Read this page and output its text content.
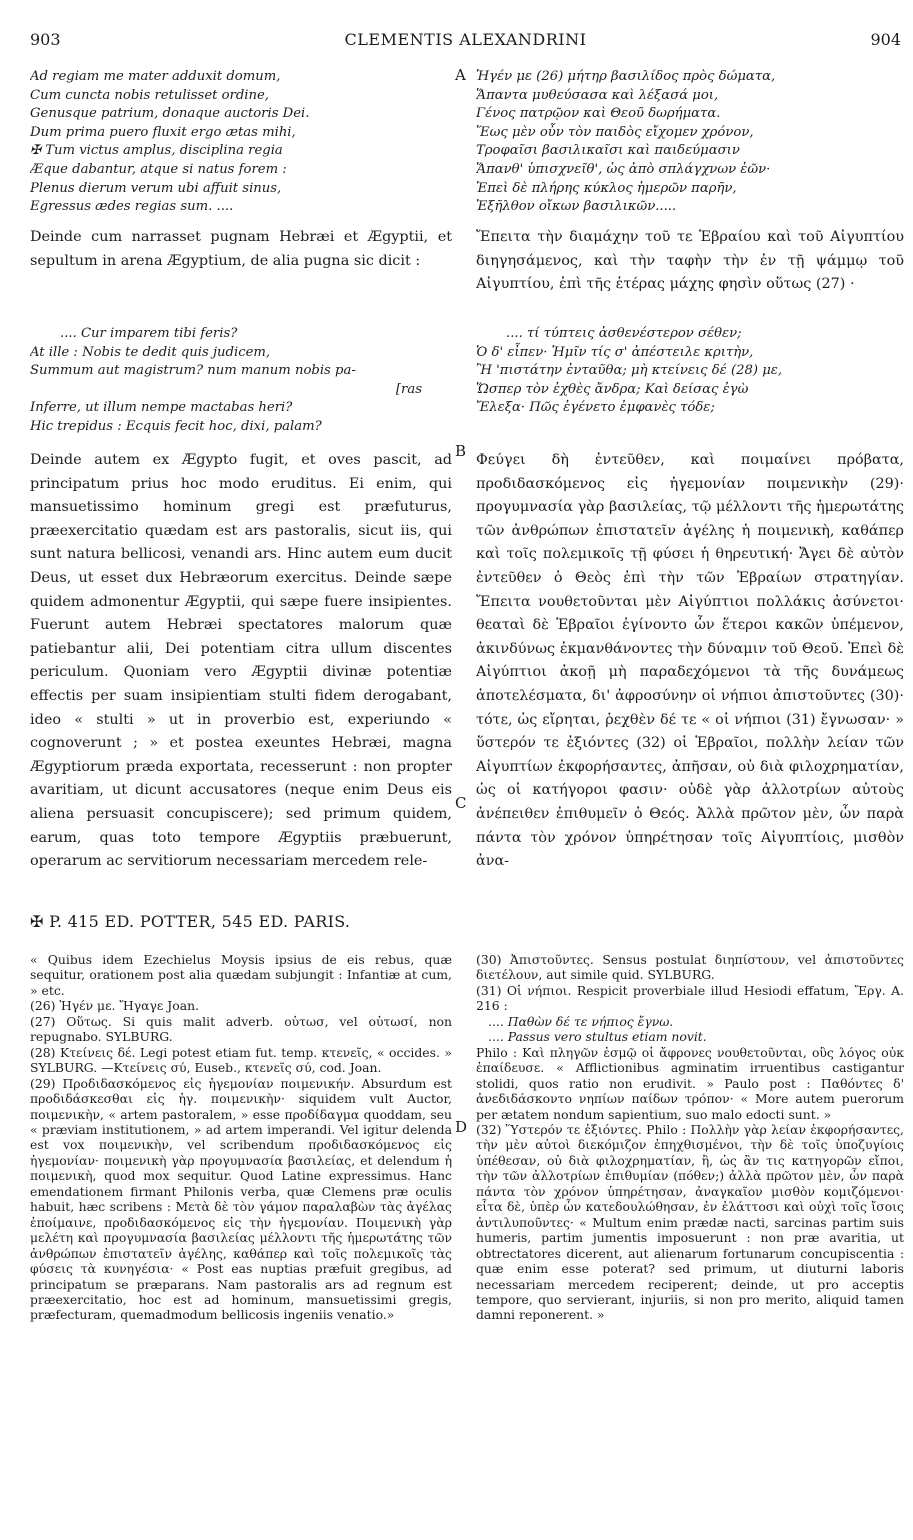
903	CLEMENTIS ALEXANDRINI	904
A
B
C
D
Ad regiam me mater adduxit domum,
Cum cuncta nobis retulisset ordine,
Genusque patrium, donaque auctoris Dei.
Dum prima puero fluxit ergo ætas mihi,
✠ Tum victus amplus, disciplina regia
Æque dabantur, atque si natus forem :
Plenus dierum verum ubi affuit sinus,
Egressus ædes regias sum. ....
Ἠγέν με (26) μήτηρ βασιλίδος πρὸς δώματα,
Ἅπαντα μυθεύσασα καὶ λέξασά μοι,
Γένος πατρῷον καὶ Θεοῦ δωρήματα.
Ἕως μὲν οὖν τὸν παιδὸς εἴχομεν χρόνον,
Τροφαῖσι βασιλικαῖσι καὶ παιδεύμασιν
Ἅπανθ' ὑπισχνεῖθ', ὡς ἀπὸ σπλάγχνων ἐῶν·
Ἐπεὶ δὲ πλήρης κύκλος ἡμερῶν παρῆν,
Ἐξῆλθον οἴκων βασιλικῶν.....

Deinde cum narrasset pugnam Hebræi et Ægyptii, et sepultum in arena Ægyptium, de alia pugna sic dicit :

Ἔπειτα τὴν διαμάχην τοῦ τε Ἑβραίου καὶ τοῦ Αἰγυπτίου διηγησάμενος, καὶ τὴν ταφὴν τὴν ἐν τῇ ψάμμῳ τοῦ Αἰγυπτίου, ἐπὶ τῆς ἑτέρας μάχης φησὶν οὕτως (27) ·

.... Cur imparem tibi feris?
At ille : Nobis te dedit quis judicem,
Summum aut magistrum? num manum nobis pa-
[ras
Inferre, ut illum nempe mactabas heri?
Hic trepidus : Ecquis fecit hoc, dixi, palam?
.... τί τύπτεις ἀσθενέστερον σέθεν;
Ὁ δ' εἶπεν· Ἡμῖν τίς σ' ἀπέστειλε κριτὴν,
Ἢ 'πιστάτην ἐνταῦθα; μὴ κτείνεις δέ (28) με,
Ὥσπερ τὸν ἐχθὲς ἄνδρα; Καὶ δείσας ἐγὼ
Ἔλεξα· Πῶς ἐγένετο ἐμφανὲς τόδε;

Deinde autem ex Ægypto fugit, et oves pascit, ad principatum prius hoc modo eruditus. Ei enim, qui mansuetissimo hominum gregi est præfuturus, præexercitatio quædam est ars pastoralis, sicut iis, qui sunt natura bellicosi, venandi ars. Hinc autem eum ducit Deus, ut esset dux Hebræorum exercitus. Deinde sæpe quidem admonentur Ægyptii, qui sæpe fuere insipientes. Fuerunt autem Hebræi spectatores malorum quæ patiebantur alii, Dei potentiam citra ullum discentes periculum. Quoniam vero Ægyptii divinæ potentiæ effectis per suam insipientiam stulti fidem derogabant, ideo « stulti » ut in proverbio est, experiundo « cognoverunt ; » et postea exeuntes Hebræi, magna Ægyptiorum præda exportata, recesserunt : non propter avaritiam, ut dicunt accusatores (neque enim Deus eis aliena persuasit concupiscere); sed primum quidem, earum, quas toto tempore Ægyptiis præbuerunt, operarum ac servitiorum necessariam mercedem rele-

Φεύγει δὴ ἐντεῦθεν, καὶ ποιμαίνει πρόβατα, προδιδασκόμενος εἰς ἡγεμονίαν ποιμενικὴν (29)· προγυμνασία γὰρ βασιλείας, τῷ μέλλοντι τῆς ἡμερωτάτης τῶν ἀνθρώπων ἐπιστατεῖν ἀγέλης ἡ ποιμενικὴ, καθάπερ καὶ τοῖς πολεμικοῖς τῇ φύσει ἡ θηρευτική· Ἄγει δὲ αὐτὸν ἐντεῦθεν ὁ Θεὸς ἐπὶ τὴν τῶν Ἑβραίων στρατηγίαν. Ἔπειτα νουθετοῦνται μὲν Αἰγύπτιοι πολλάκις ἀσύνετοι· θεαταὶ δὲ Ἑβραῖοι ἐγίνοντο ὧν ἕτεροι κακῶν ὑπέμενον, ἀκινδύνως ἐκμανθάνοντες τὴν δύναμιν τοῦ Θεοῦ. Ἐπεὶ δὲ Αἰγύπτιοι ἀκοῇ μὴ παραδεχόμενοι τὰ τῆς δυνάμεως ἀποτελέσματα, δι' ἀφροσύνην οἱ νήπιοι ἀπιστοῦντες (30)· τότε, ὡς εἴρηται, ῥεχθὲν δέ τε « οἱ νήπιοι (31) ἔγνωσαν· » ὕστερόν τε ἐξιόντες (32) οἱ Ἑβραῖοι, πολλὴν λείαν τῶν Αἰγυπτίων ἐκφορήσαντες, ἀπῆσαν, οὐ διὰ φιλοχρηματίαν, ὡς οἱ κατήγοροι φασιν· οὐδὲ γὰρ ἀλλοτρίων αὐτοὺς ἀνέπειθεν ἐπιθυμεῖν ὁ Θεός. Ἀλλὰ πρῶτον μὲν, ὧν παρὰ πάντα τὸν χρόνον ὑπηρέτησαν τοῖς Αἰγυπτίοις, μισθὸν ἀνα-

✠ P. 415 ED. POTTER, 545 ED. PARIS.

« Quibus idem Ezechielus Moysis ipsius de eis rebus, quæ sequitur, orationem post alia quædam subjungit : Infantiæ at cum, » etc.

(26) Ἠγέν με. Ἤγαγε Joan.

(27) Οὕτως. Si quis malit adverb. οὑτωσ, vel οὑτωσί, non repugnabo. SYLBURG.

(28) Κτείνεις δέ. Legi potest etiam fut. temp. κτενεῖς, « occides. » SYLBURG. —Κτείνεις σύ, Euseb., κτενεῖς σύ, cod. Joan.

(29) Προδιδασκόμενος εἰς ἡγεμονίαν ποιμενικήν. Absurdum est προδιδάσκεσθαι εἰς ἡγ. ποιμενικὴν· siquidem vult Auctor, ποιμενικὴν, « artem pastoralem, » esse προδίδαγμα quoddam, seu « præviam institutionem, » ad artem imperandi. Vel igitur delenda est vox ποιμενικὴν, vel scribendum προδιδασκόμενος εἰς ἡγεμονίαν· ποιμενικὴ γὰρ προγυμνασία βασιλείας, et delendum ἡ ποιμενικὴ, quod mox sequitur. Quod Latine expressimus. Hanc emendationem firmant Philonis verba, quæ Clemens præ oculis habuit, hæc scribens : Μετὰ δὲ τὸν γάμον παραλαβὼν τὰς ἀγέλας ἐποίμαινε, προδιδασκόμενος εἰς τὴν ἡγεμονίαν. Ποιμενικὴ γὰρ μελέτη καὶ προγυμνασία βασιλείας μέλλοντι τῆς ἡμερωτάτης τῶν ἀνθρώπων ἐπιστατεῖν ἀγέλης, καθάπερ καὶ τοῖς πολεμικοῖς τὰς φύσεις τὰ κυνηγέσια· « Post eas nuptias præfuit gregibus, ad principatum se præparans. Nam pastoralis ars ad regnum est præexercitatio, hoc est ad hominum, mansuetissimi gregis, præfecturam, quemadmodum bellicosis ingeniis venatio.»

(30) Ἀπιστοῦντες. Sensus postulat διηπίστουν, vel ἀπιστοῦντες διετέλουν, aut simile quid. SYLBURG.

(31) Οἱ νήπιοι. Respicit proverbiale illud Hesiodi effatum, Ἔργ. A. 216 :

.... Παθὼν δέ τε νήπιος ἔγνω.

.... Passus vero stultus etiam novit.

Philo : Καὶ πληγῶν ἐσμῷ οἱ ἄφρονες νουθετοῦνται, οὓς λόγος οὐκ ἐπαίδευσε. « Afflictionibus agminatim irruentibus castigantur stolidi, quos ratio non erudivit. » Paulo post : Παθόντες δ' ἀνεδιδάσκοντο νηπίων παίδων τρόπον· « More autem puerorum per ætatem nondum sapientium, suo malo edocti sunt. »

(32) Ὕστερόν τε ἐξιόντες. Philo : Πολλὴν γὰρ λείαν ἐκφορήσαντες, τὴν μὲν αὐτοὶ διεκόμιζον ἐπηχθισμένοι, τὴν δὲ τοῖς ὑποζυγίοις ὑπέθεσαν, οὐ διὰ φιλοχρηματίαν, ἢ, ὡς ἂν τις κατηγορῶν εἴποι, τὴν τῶν ἀλλοτρίων ἐπιθυμίαν (πόθεν;) ἀλλὰ πρῶτον μὲν, ὧν παρὰ πάντα τὸν χρόνον ὑπηρέτησαν, ἀναγκαῖον μισθὸν κομιζόμενοι· εἶτα δὲ, ὑπὲρ ὧν κατεδουλώθησαν, ἐν ἐλάττοσι καὶ οὐχὶ τοῖς ἴσοις ἀντιλυποῦντες· « Multum enim prædæ nacti, sarcinas partim suis humeris, partim jumentis imposuerunt : non præ avaritia, ut obtrectatores dicerent, aut alienarum fortunarum concupiscentia : quæ enim esse poterat? sed primum, ut diuturni laboris necessariam mercedem reciperent; deinde, ut pro acceptis tempore, quo servierant, injuriis, si non pro merito, aliquid tamen damni reponerent. »
